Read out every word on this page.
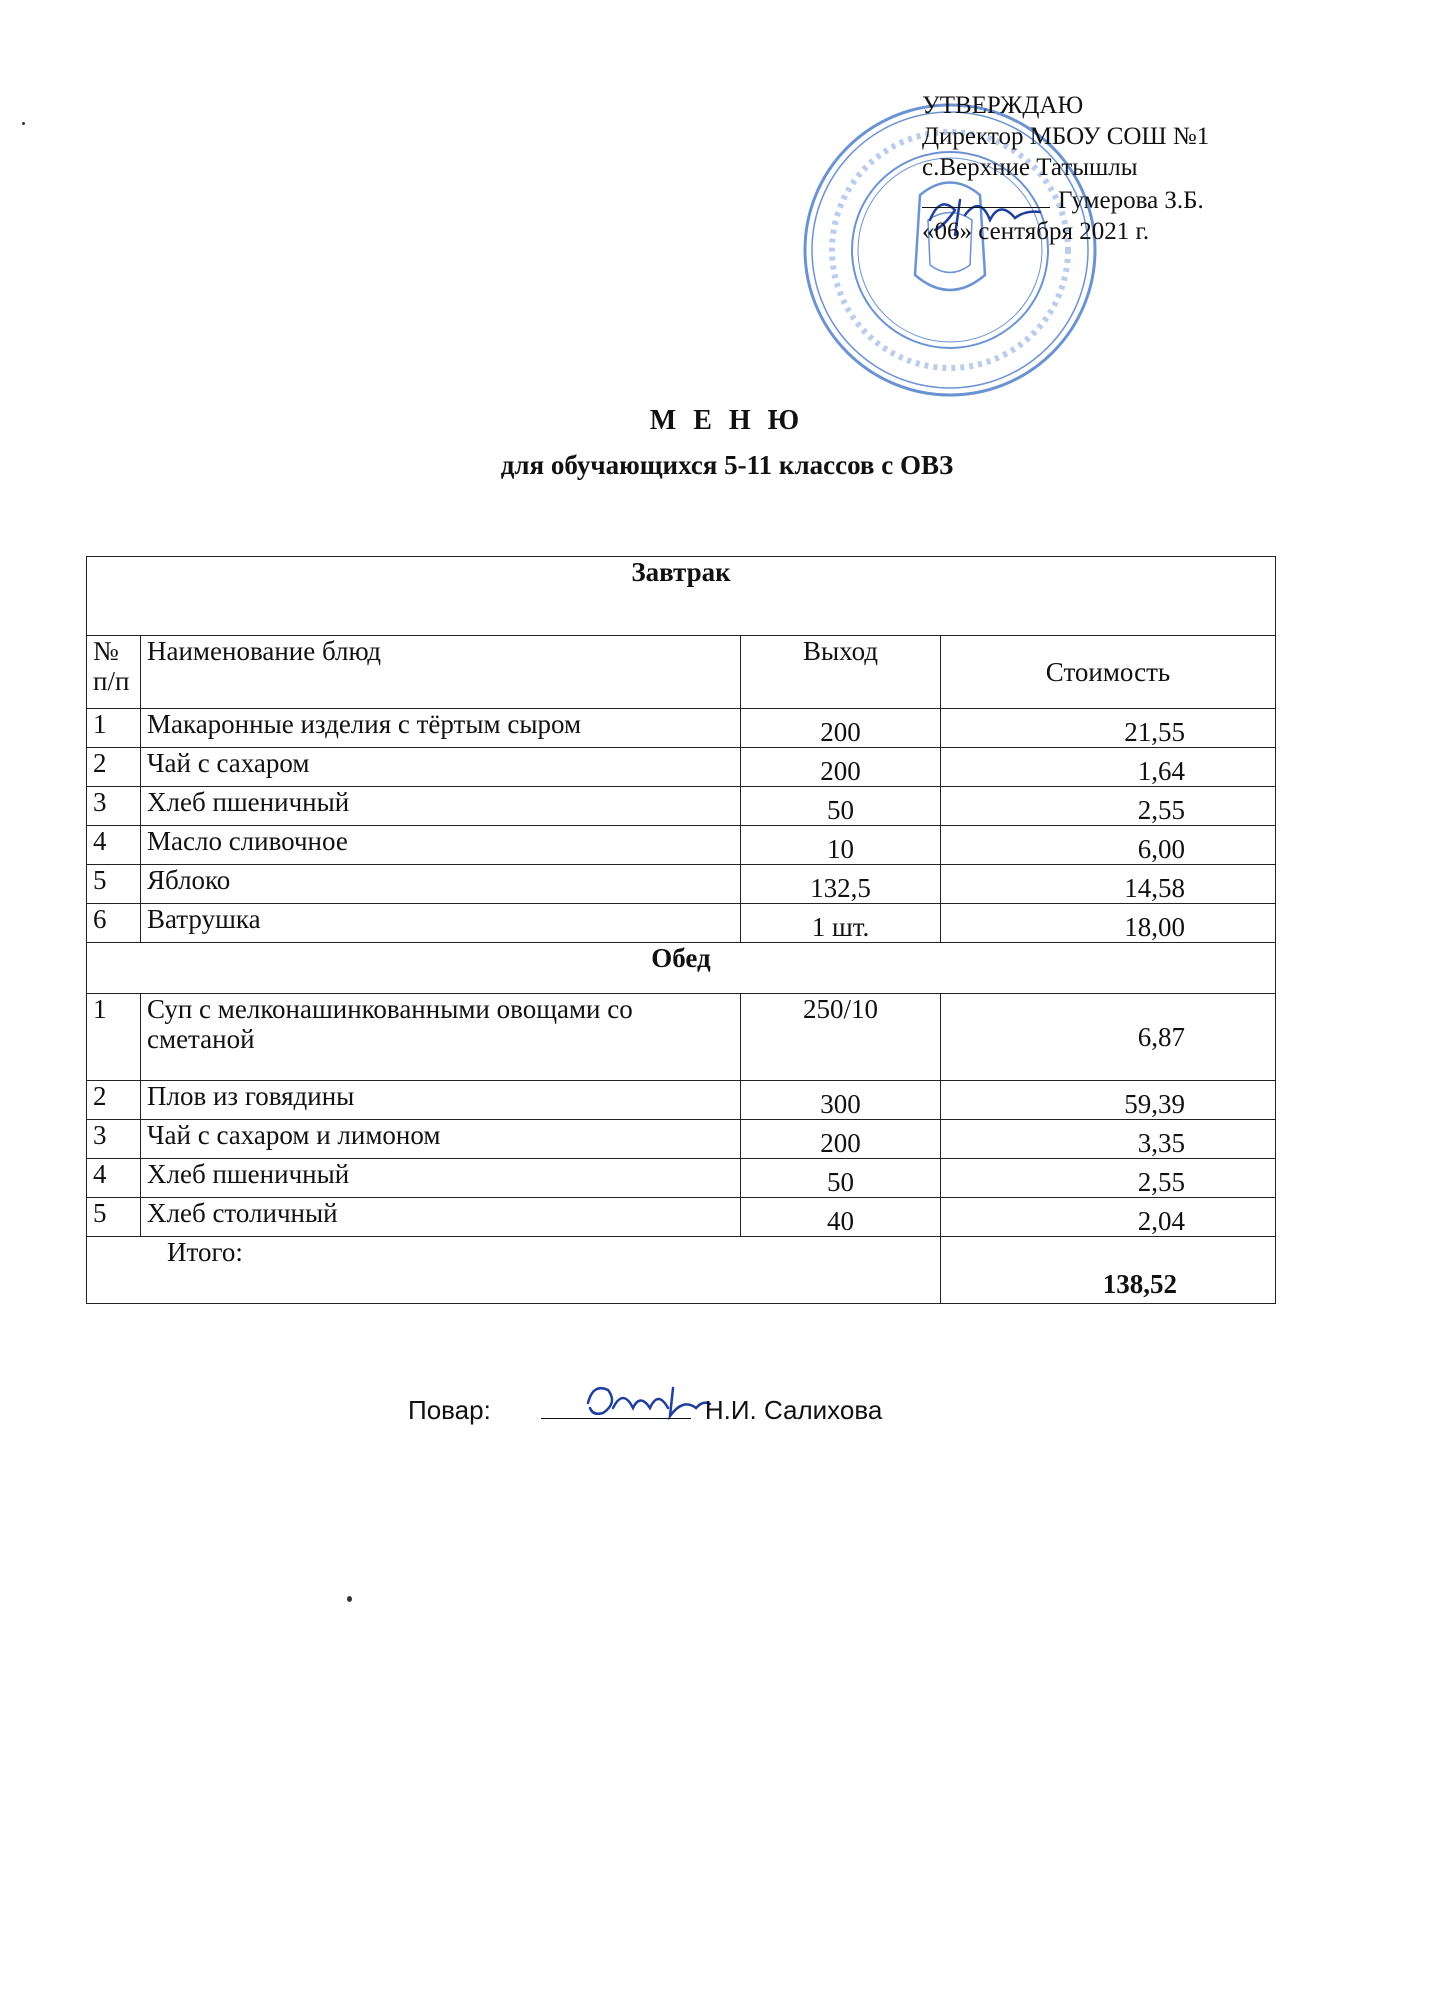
УТВЕРЖДАЮ
Директор МБОУ СОШ №1
с.Верхние Татышлы
Гумерова З.Б.
«06» сентября 2021 г.
М Е Н Ю
для обучающихся 5-11 классов с ОВЗ
Завтрак			
№ п/п	Наименование блюд	Выход	Стоимость
1	Макаронные изделия с тёртым сыром	200	21,55
2	Чай с сахаром	200	1,64
3	Хлеб пшеничный	50	2,55
4	Масло сливочное	10	6,00
5	Яблоко	132,5	14,58
6	Ватрушка	1 шт.	18,00
Обед			
1	Суп с мелконашинкованными овощами со сметаной	250/10	6,87
2	Плов из говядины	300	59,39
3	Чай с сахаром и лимоном	200	3,35
4	Хлеб пшеничный	50	2,55
5	Хлеб столичный	40	2,04
Итого:			138,52
Повар:	Н.И. Салихова
